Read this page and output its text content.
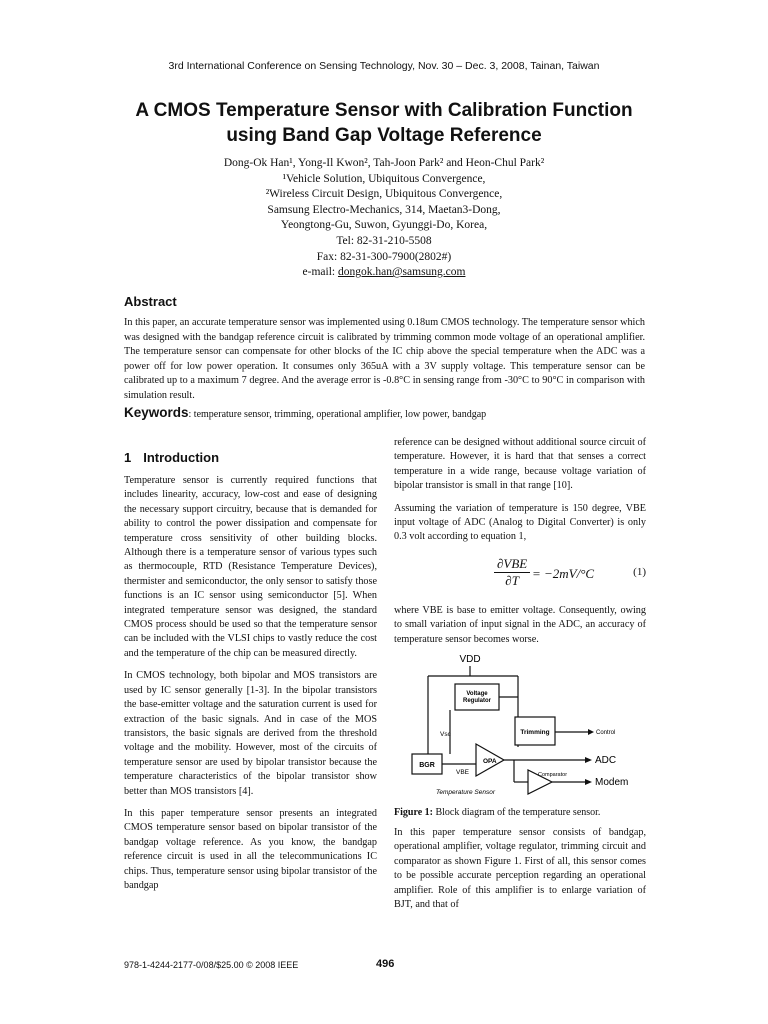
3rd International Conference on Sensing Technology, Nov. 30 – Dec. 3, 2008, Tainan, Taiwan
A CMOS Temperature Sensor with Calibration Function
using Band Gap Voltage Reference
Dong-Ok Han¹, Yong-Il Kwon², Tah-Joon Park² and Heon-Chul Park²
¹Vehicle Solution, Ubiquitous Convergence,
²Wireless Circuit Design, Ubiquitous Convergence,
Samsung Electro-Mechanics, 314, Maetan3-Dong,
Yeongtong-Gu, Suwon, Gyunggi-Do, Korea,
Tel: 82-31-210-5508
Fax: 82-31-300-7900(2802#)
e-mail: dongok.han@samsung.com
Abstract
In this paper, an accurate temperature sensor was implemented using 0.18um CMOS technology. The temperature sensor which was designed with the bandgap reference circuit is calibrated by trimming common mode voltage of an operational amplifier. The temperature sensor can compensate for other blocks of the IC chip above the special temperature when the ADC was a power off for low power operation. It consumes only 365uA with a 3V supply voltage. This temperature sensor can be calibrated up to a maximum 7 degree. And the average error is -0.8°C in sensing range from -30°C to 90°C in comparison with simulation result.
Keywords: temperature sensor, trimming, operational amplifier, low power, bandgap
1 Introduction

Temperature sensor is currently required functions that includes linearity, accuracy, low-cost and ease of designing the necessary support circuitry, because that is demanded for ability to control the power dissipation and compensate for temperature cross sensitivity of other building blocks. Although there is a temperature sensor of various types such as thermocouple, RTD (Resistance Temperature Devices), thermister and semiconductor, the only sensor to satisfy those functions is an IC sensor using semiconductor [5]. When integrated temperature sensor was designed, the standard CMOS process should be used so that the temperature sensor can be included with the VLSI chips to vastly reduce the cost and the temperature of the chip can be measured directly.

In CMOS technology, both bipolar and MOS transistors are used by IC sensor generally [1-3]. In the bipolar transistors the base-emitter voltage and the saturation current is used for extraction of the basic signals. And in case of the MOS transistors, the basic signals are derived from the threshold voltage and the mobility. However, most of the circuits of temperature sensor are used by bipolar transistor because the temperature characteristics of the bipolar transistor show better than MOS transistors [4].

In this paper temperature sensor presents an integrated CMOS temperature sensor based on bipolar transistor of the bandgap voltage reference. As you know, the bandgap reference circuit is used in all the telecommunications IC chips. Thus, temperature sensor using bipolar transistor of the bandgap

reference can be designed without additional source circuit of temperature. However, it is hard that that senses a correct temperature in a wide range, because voltage variation of bipolar transistor is small in that range [10].

Assuming the variation of temperature is 150 degree, VBE input voltage of ADC (Analog to Digital Converter) is only 0.3 volt according to equation 1,

∂VBE
∂T	= −2mV/°C	(1)

where VBE is base to emitter voltage. Consequently, owing to small variation of input signal in the ADC, an accuracy of temperature sensor becomes worse.

VDD
Voltage Regulator
Trimming	Control
Vsc
BGR
VBE
OPA	ADC
Comparator
Modem
Temperature Sensor
Figure 1: Block diagram of the temperature sensor.

In this paper temperature sensor consists of bandgap, operational amplifier, voltage regulator, trimming circuit and comparator as shown Figure 1. First of all, this sensor comes to be possible accurate perception regarding an operational amplifier. Role of this amplifier is to enlarge variation of BJT, and that of

978-1-4244-2177-0/08/$25.00 © 2008 IEEE	496
